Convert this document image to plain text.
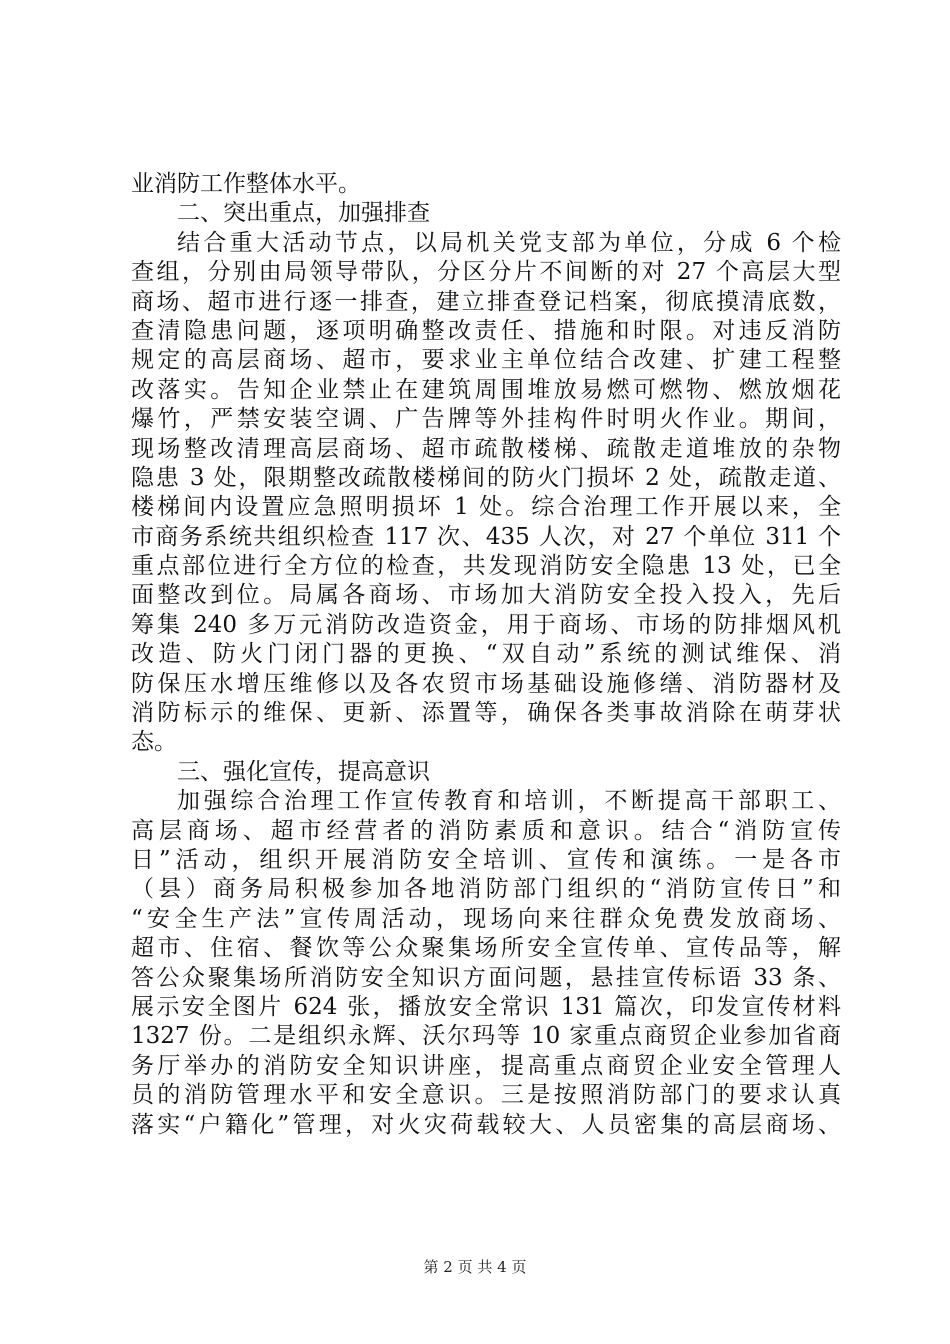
业消防工作整体水平。
二、突出重点，加强排查
结合重大活动节点，以局机关党支部为单位，分成 6 个检
查组，分别由局领导带队，分区分片不间断的对 27 个高层大型
商场、超市进行逐一排查，建立排查登记档案，彻底摸清底数，
查清隐患问题，逐项明确整改责任、措施和时限。对违反消防
规定的高层商场、超市，要求业主单位结合改建、扩建工程整
改落实。告知企业禁止在建筑周围堆放易燃可燃物、燃放烟花
爆竹，严禁安装空调、广告牌等外挂构件时明火作业。期间，
现场整改清理高层商场、超市疏散楼梯、疏散走道堆放的杂物
隐患 3 处，限期整改疏散楼梯间的防火门损坏 2 处，疏散走道、
楼梯间内设置应急照明损坏 1 处。综合治理工作开展以来，全
市商务系统共组织检查 117 次、435 人次，对 27 个单位 311 个
重点部位进行全方位的检查，共发现消防安全隐患 13 处，已全
面整改到位。局属各商场、市场加大消防安全投入投入，先后
筹集 240 多万元消防改造资金，用于商场、市场的防排烟风机
改造、防火门闭门器的更换、“双自动”系统的测试维保、消
防保压水增压维修以及各农贸市场基础设施修缮、消防器材及
消防标示的维保、更新、添置等，确保各类事故消除在萌芽状
态。
三、强化宣传，提高意识
加强综合治理工作宣传教育和培训，不断提高干部职工、
高层商场、超市经营者的消防素质和意识。结合“消防宣传
日”活动，组织开展消防安全培训、宣传和演练。一是各市
（县）商务局积极参加各地消防部门组织的“消防宣传日”和
“安全生产法”宣传周活动，现场向来往群众免费发放商场、
超市、住宿、餐饮等公众聚集场所安全宣传单、宣传品等，解
答公众聚集场所消防安全知识方面问题，悬挂宣传标语 33 条、
展示安全图片 624 张，播放安全常识 131 篇次，印发宣传材料
1327 份。二是组织永辉、沃尔玛等 10 家重点商贸企业参加省商
务厅举办的消防安全知识讲座，提高重点商贸企业安全管理人
员的消防管理水平和安全意识。三是按照消防部门的要求认真
落实“户籍化”管理，对火灾荷载较大、人员密集的高层商场、
第 2 页 共 4 页
